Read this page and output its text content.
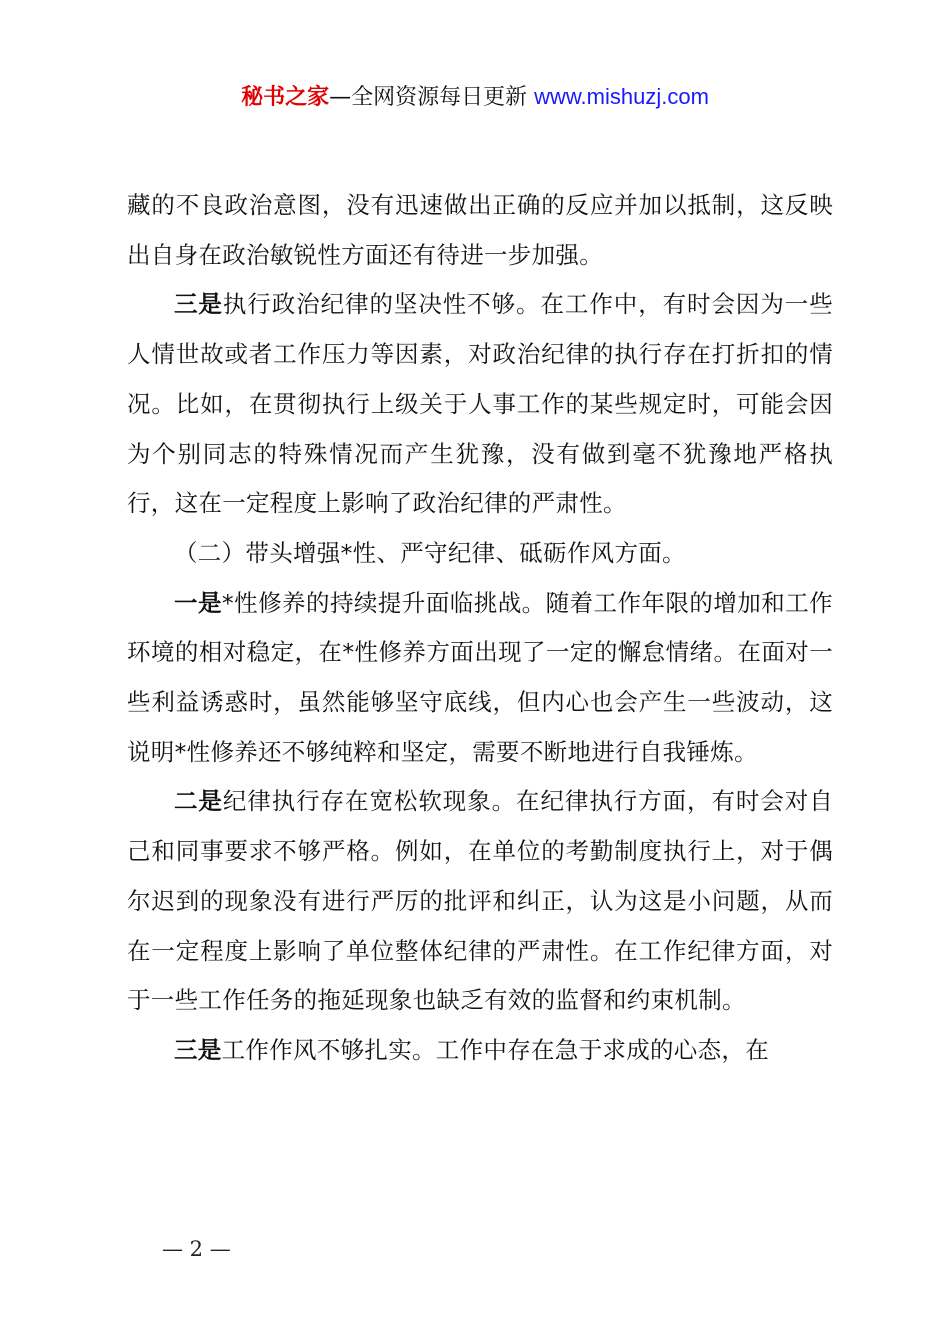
秘书之家—全网资源每日更新 www.mishuzj.com

藏的不良政治意图，没有迅速做出正确的反应并加以抵制，这反映出自身在政治敏锐性方面还有待进一步加强。

三是执行政治纪律的坚决性不够。在工作中，有时会因为一些人情世故或者工作压力等因素，对政治纪律的执行存在打折扣的情况。比如，在贯彻执行上级关于人事工作的某些规定时，可能会因为个别同志的特殊情况而产生犹豫，没有做到毫不犹豫地严格执行，这在一定程度上影响了政治纪律的严肃性。

（二）带头增强*性、严守纪律、砥砺作风方面。

一是*性修养的持续提升面临挑战。随着工作年限的增加和工作环境的相对稳定，在*性修养方面出现了一定的懈怠情绪。在面对一些利益诱惑时，虽然能够坚守底线，但内心也会产生一些波动，这说明*性修养还不够纯粹和坚定，需要不断地进行自我锤炼。

二是纪律执行存在宽松软现象。在纪律执行方面，有时会对自己和同事要求不够严格。例如，在单位的考勤制度执行上，对于偶尔迟到的现象没有进行严厉的批评和纠正，认为这是小问题，从而在一定程度上影响了单位整体纪律的严肃性。在工作纪律方面，对于一些工作任务的拖延现象也缺乏有效的监督和约束机制。

三是工作作风不够扎实。工作中存在急于求成的心态，在

— 2 —
